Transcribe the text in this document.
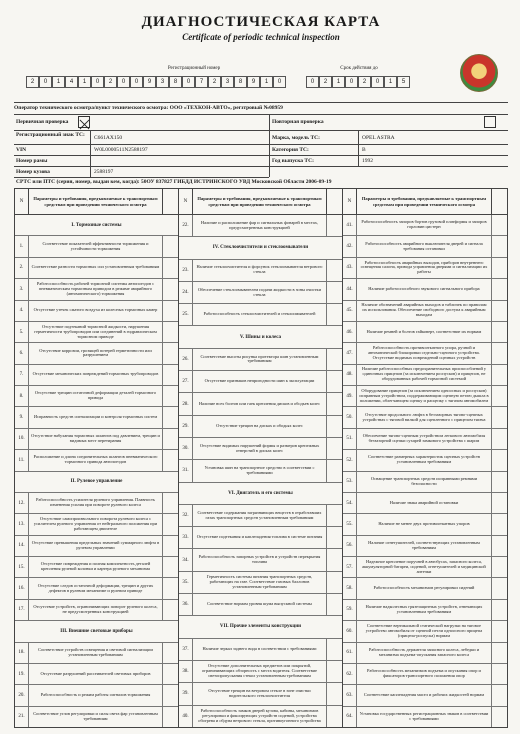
ДИАГНОСТИЧЕСКАЯ КАРТА
Certificate of periodic technical inspection
Регистрационный номер
2	0	1	4	1	0	2	0	0	9	3	8	0	7	2	3	8	9	1	0
Срок действия до
0	2	1	0	2	0	1	5
Оператор технического осмотра/пункт технического осмотра: ООО «ТЕХКОН-АВТО», регзтровый №08959
Первичная проверка	Повторная проверка
Регистрационный знак ТС: С661АХ150	Марка, модель ТС:	OPEL ASTRA
VIN	W0L0000511N2588197	Категория ТС:	B
Номер рамы	Год выпуска ТС:	1992
Номер кузова	2588197
СРТС или ПТС (серия, номер, выдан кем, когда): 50ОУ 837827 ГИБДД ИСТРИНСКОГО УВД Московской Области 2006-09-19
N
Параметры и требования, предъявляемые к транспортным средствам при проведении технического осмотра
I. Тормозные системы
1.
Соответствие показателей эффективности торможения и устойчивости торможения
2.	Соответствие разности тормозных сил установленным требованиям
3.
Работоспособность рабочей тормозной системы автопоездов с пневматическим тормозным приводом в режиме аварийного (автоматического) торможения
4.	Отсутствие утечек сжатого воздуха из колесных тормозных камер
5.
Отсутствие подтеканий тормозной жидкости, нарушения герметичности трубопроводов или соединений в гидравлическом тормозном приводе
6.
Отсутствие коррозии, грозящей потерей герметичности или разрушением
7.	Отсутствие механических повреждений тормозных трубопроводов
8.
Отсутствие трещин остаточной деформации деталей тормозного привода
9.	Исправность средств сигнализации и контроля тормозных систем
10.
Отсутствие набухания тормозных шлангов под давлением, трещин и видимых мест перетирания
11.
Расположение и длина соединительных шлангов пневматического тормозного привода автопоездов
II. Рулевое управление
12.
Работоспособность усилителя рулевого управления. Плавность изменения усилия при повороте рулевого колеса
13.
Отсутствие самопроизвольного поворота рулевого колеса с усилителем рулевого управления от нейтрального положения при работающем двигателе
14.
Отсутствие превышения предельных значений суммарного люфта в рулевом управлении
15.
Отсутствие повреждения и полная комплектность деталей крепления рулевой колонки и картера рулевого механизма
16.
Отсутствие следов остаточной деформации, трещин и других дефектов в рулевом механизме и рулевом приводе
17.
Отсутствие устройств, ограничивающих поворот рулевого колеса, не предусмотренных конструкцией
III. Внешние световые приборы
18.
Соответствие устройств освещения и световой сигнализации установленным требованиям
19.	Отсутствие разрушений рассеивателей световых приборов
20.	Работоспособность и режим работы сигналов торможения
21.
Соответствие углов регулировки и силы света фар установленным требованиям
N
Параметры и требования, предъявляемые к транспортным средствам при проведении технического осмотра
22.
Наличие и расположение фар и сигнальных фонарей в местах, предусмотренных конструкцией
IV. Стеклоочистители и стеклоомыватели
23.
Наличие стеклоочистителя и форсунок стеклоомывателя ветрового стекла
24.
Обеспечение стеклоомывателем подачи жидкости в зоны очистки стекла
25.	Работоспособность стеклоочистителей и стеклоомывателей
V. Шины и колеса
26.
Соответствие высоты рисунка протектора шин установленным требованиям
27.	Отсутствие признаков непригодности шин к эксплуатации
28.	Наличие всех болтов или гаек крепления дисков и ободьев колес
29.	Отсутствие трещин на дисках и ободьях колес
30.
Отсутствие видимых нарушений формы и размеров крепежных отверстий в дисках колес
31.
Установка шин на транспортное средство в соответствии с требованиями
VI. Двигатель и его системы
32.
Соответствие содержания загрязняющих веществ в отработавших газах транспортных средств установленным требованиям
33.	Отсутствие подтекания и каплепадения топлива в системе питания
34.
Работоспособность запорных устройств и устройств перекрытия топлива
35.
Герметичность системы питания транспортных средств, работающих на газе. Соответствие газовых баллонов установленным требованиям
36.	Соответствие нормам уровня шума выпускной системы
VII. Прочие элементы конструкции
37.	Наличие зеркал заднего вида в соответствии с требованиями
38.
Отсутствие дополнительных предметов или покрытий, ограничивающих обзорность с места водителя. Соответствие светопропускания стекол установленным требованиям
39.
Отсутствие трещин на ветровом стекле в зоне очистки водительского стеклоочистителя
40.
Работоспособность замков дверей кузова, кабины, механизмов регулировки и фиксирующих устройств сидений, устройства обогрева и обдува ветрового стекла, противоугонного устройства
N
Параметры и требования, предъявляемые к транспортным средствам при проведении технического осмотра
41.
Работоспособность запоров бортов грузовой платформы и запоров горловин цистерн
42.
Работоспособность аварийного выключателя дверей и сигнала требования остановки
43.
Работоспособность аварийных выходов, приборов внутреннего освещения салона, привода управления дверями и сигнализации их работы
44.	Наличие работоспособного звукового сигнального прибора
45.
Наличие обозначений аварийных выходов и табличек по правилам их использования. Обеспечение свободного доступа к аварийным выходам
46.	Наличие ремней и болтов гайковерт, соответствие их нормам
47.
Работоспособность противооткатного упора, ручной и автоматической блокировки седельно-сцепного устройства. Отсутствие видимых повреждений сцепных устройств
48.
Наличие работоспособных предохранительных приспособлений у одиночных прицепов (за исключением роспусков) и прицепов, не оборудованных рабочей тормозной системой
49.
Оборудование прицепов (за исключением одноосных и роспусков) исправным устройством, поддерживающим сцепную петлю дышла в положении, облегчающем сцепку и расцепку с тягачом автомобилем
50.
Отсутствие продольного люфта в беззазорных тягово-сцепных устройствах с тяговой вилкой для сцепленного с прицепом тягача
51.
Обеспечение тягово-сцепным устройством легкового автомобиля беззазорной сцепки сухарей замкового устройства с шаром
52.
Соответствие размерных характеристик сцепных устройств установленным требованиям
53.
Оснащение транспортных средств исправными ремнями безопасности
54.	Наличие знака аварийной остановки
55.	Наличие не менее двух противооткатных упоров
56.
Наличие огнетушителей, соответствующих установленным требованиям
57.
Надежное крепление поручней в автобусах, запасного колеса, аккумуляторной батареи, сидений, огнетушителей и медицинской аптечки
58.	Работоспособность механизмов регулировки сидений
59.
Наличие надколесных грязезащитных устройств, отвечающих установленным требованиям
60.
Соответствие вертикальной статической нагрузки на тяговое устройство автомобиля от сцепной петли одноосного прицепа (прицепа-роспуска) нормам
61.
Работоспособность держателя запасного колеса, лебедки и механизма подъема-опускания запасного колеса
62.
Работоспособность механизмов подъема и опускания опор и фиксаторов транспортного положения опор
63.	Соответствие каплепадения масел и рабочих жидкостей нормам
64.
Установка государственных регистрационных знаков в соответствии с требованиями
